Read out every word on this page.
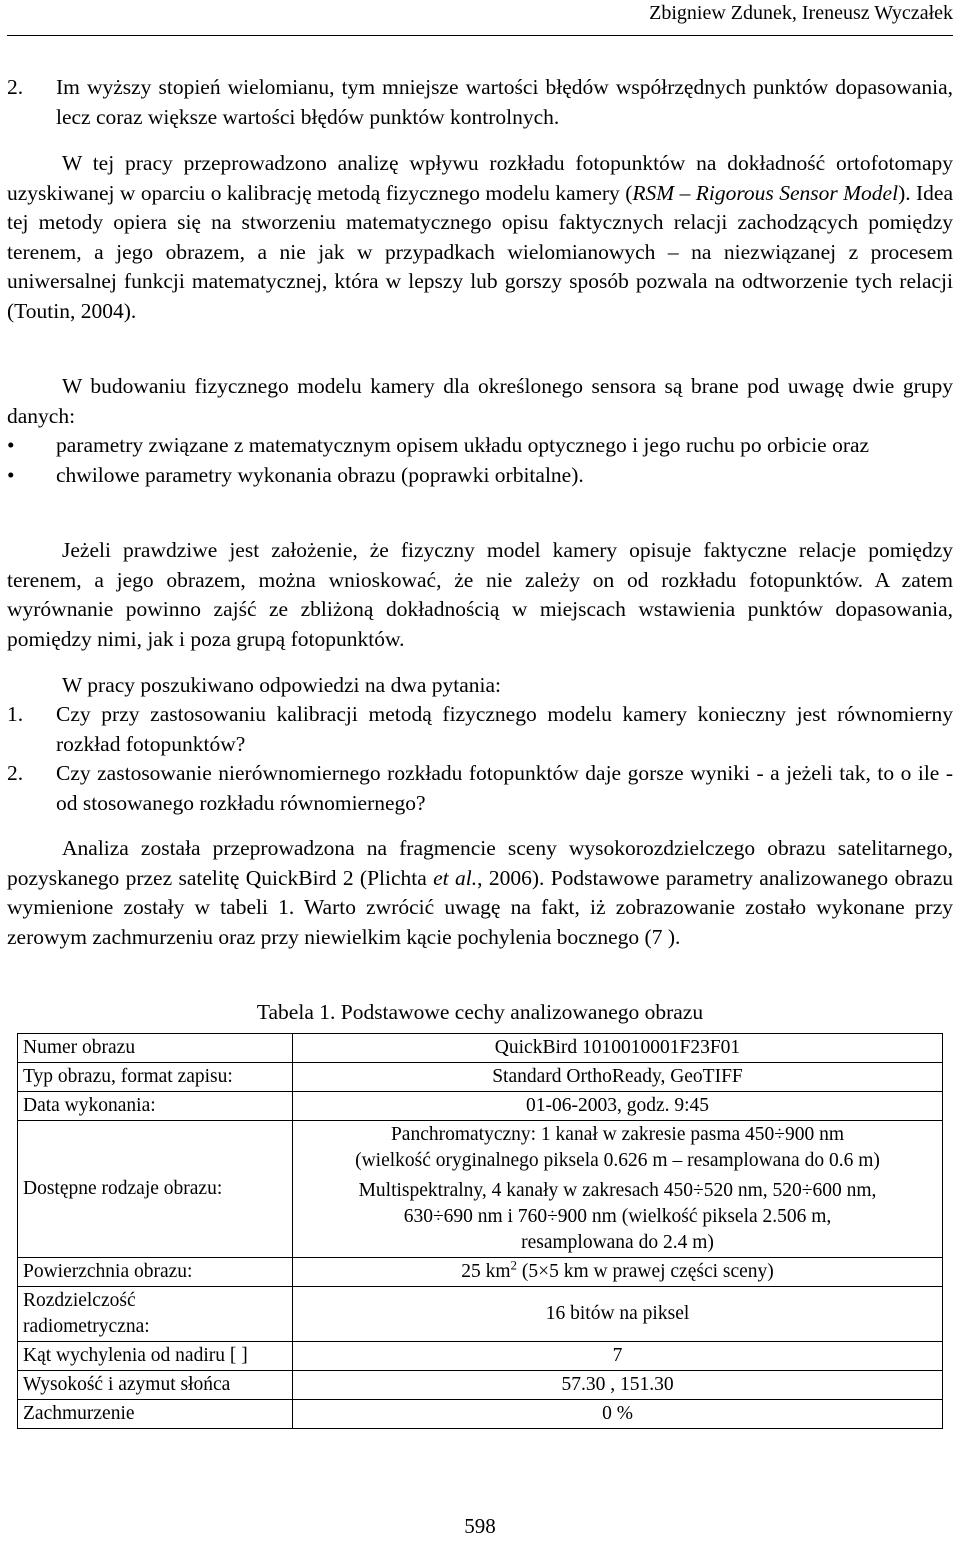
Zbigniew Zdunek, Ireneusz Wyczałek
2.	Im wyższy stopień wielomianu, tym mniejsze wartości błędów współrzędnych punktów dopasowania, lecz coraz większe wartości błędów punktów kontrolnych.
W tej pracy przeprowadzono analizę wpływu rozkładu fotopunktów na dokładność ortofotomapy uzyskiwanej w oparciu o kalibrację metodą fizycznego modelu kamery (RSM – Rigorous Sensor Model). Idea tej metody opiera się na stworzeniu matematycznego opisu faktycznych relacji zachodzących pomiędzy terenem, a jego obrazem, a nie jak w przypadkach wielomianowych – na niezwiązanej z procesem uniwersalnej funkcji matematycznej, która w lepszy lub gorszy sposób pozwala na odtworzenie tych relacji (Toutin, 2004).
W budowaniu fizycznego modelu kamery dla określonego sensora są brane pod uwagę dwie grupy danych:
•	parametry związane z matematycznym opisem układu optycznego i jego ruchu po orbicie oraz
•	chwilowe parametry wykonania obrazu (poprawki orbitalne).
Jeżeli prawdziwe jest założenie, że fizyczny model kamery opisuje faktyczne relacje pomiędzy terenem, a jego obrazem, można wnioskować, że nie zależy on od rozkładu fotopunktów. A zatem wyrównanie powinno zajść ze zbliżoną dokładnością w miejscach wstawienia punktów dopasowania, pomiędzy nimi, jak i poza grupą fotopunktów.
W pracy poszukiwano odpowiedzi na dwa pytania:
1.	Czy przy zastosowaniu kalibracji metodą fizycznego modelu kamery konieczny jest równomierny rozkład fotopunktów?
2.	Czy zastosowanie nierównomiernego rozkładu fotopunktów daje gorsze wyniki - a jeżeli tak, to o ile - od stosowanego rozkładu równomiernego?
Analiza została przeprowadzona na fragmencie sceny wysokorozdzielczego obrazu satelitarnego, pozyskanego przez satelitę QuickBird 2 (Plichta et al., 2006). Podstawowe parametry analizowanego obrazu wymienione zostały w tabeli 1. Warto zwrócić uwagę na fakt, iż zobrazowanie zostało wykonane przy zerowym zachmurzeniu oraz przy niewielkim kącie pochylenia bocznego (7 ).
Tabela 1. Podstawowe cechy analizowanego obrazu
Numer obrazu	QuickBird 1010010001F23F01
Typ obrazu, format zapisu:	Standard OrthoReady, GeoTIFF
Data wykonania:	01-06-2003, godz. 9:45
Dostępne rodzaje obrazu:	Panchromatyczny: 1 kanał w zakresie pasma 450÷900 nm
(wielkość oryginalnego piksela 0.626 m – resamplowana do 0.6 m)
Multispektralny, 4 kanały w zakresach 450÷520 nm, 520÷600 nm,
630÷690 nm i 760÷900 nm (wielkość piksela 2.506 m,
resamplowana do 2.4 m)

Powierzchnia obrazu:	25 $km^2$ (5×5 km w prawej części sceny)

Rozdzielczość
radiometryczna:	16 bitów na piksel
Kąt wychylenia od nadiru [ ]	7
Wysokość i azymut słońca	57.30 , 151.30
Zachmurzenie	0 %
598
